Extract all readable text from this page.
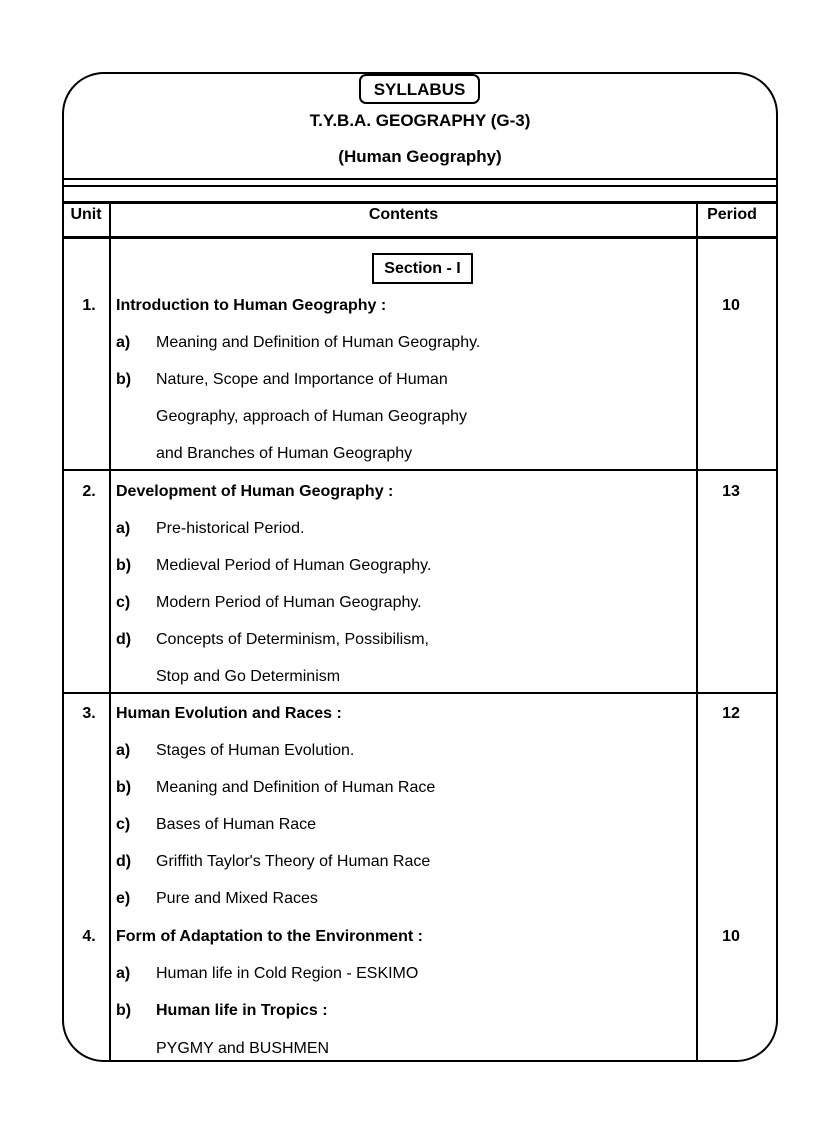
SYLLABUS
T.Y.B.A. GEOGRAPHY (G-3)
(Human Geography)
Unit	Contents	Period
Section - I
1.	Introduction to Human Geography :	10
a) Meaning and Definition of Human Geography.
b) Nature, Scope and Importance of Human
Geography, approach of Human Geography
and Branches of Human Geography
2.	Development of Human Geography :	13
a) Pre-historical Period.
b) Medieval Period of Human Geography.
c) Modern Period of Human Geography.
d) Concepts of Determinism, Possibilism,
Stop and Go Determinism
3.	Human Evolution and Races :	12
a) Stages of Human Evolution.
b) Meaning and Definition of Human Race
c) Bases of Human Race
d) Griffith Taylor's Theory of Human Race
e) Pure and Mixed Races
4.	Form of Adaptation to the Environment :	10
a) Human life in Cold Region - ESKIMO
b) Human life in Tropics :
PYGMY and BUSHMEN
